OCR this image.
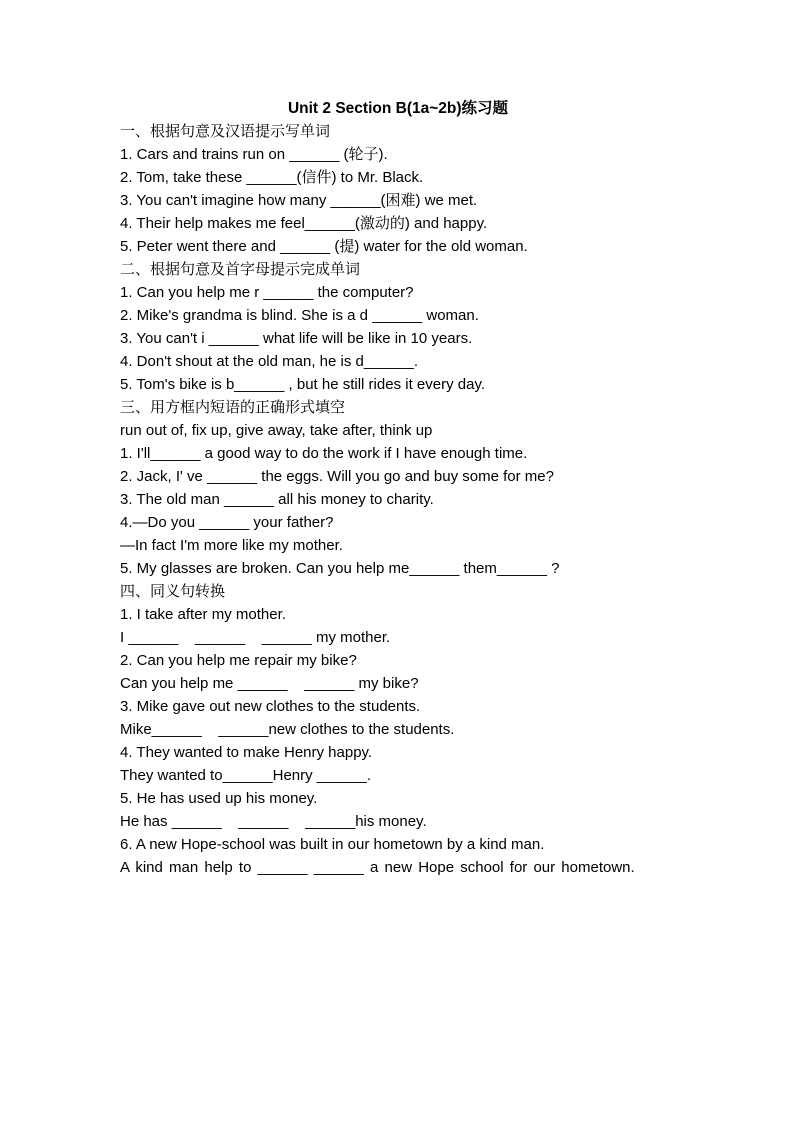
Unit 2 Section B(1a~2b)练习题
一、根据句意及汉语提示写单词
1. Cars and trains run on ______ (轮子).
2. Tom, take these ______(信件) to Mr. Black.
3. You can't imagine how many ______(困难) we met.
4. Their help makes me feel______(激动的) and happy.
5. Peter went there and ______ (提) water for the old woman.
二、根据句意及首字母提示完成单词
1. Can you help me r ______ the computer?
2. Mike's grandma is blind. She is a d ______ woman.
3. You can't i ______ what life will be like in 10 years.
4. Don't shout at the old man, he is d______.
5. Tom's bike is b______ , but he still rides it every day.
三、用方框内短语的正确形式填空
run out of, fix up, give away, take after, think up
1. I'll______ a good way to do the work if I have enough time.
2. Jack, I' ve ______ the eggs. Will you go and buy some for me?
3. The old man ______ all his money to charity.
4.—Do you ______ your father?
—In fact I'm more like my mother.
5. My glasses are broken. Can you help me______ them______ ?
四、同义句转换
1. I take after my mother.
I ______    ______    ______ my mother.
2. Can you help me repair my bike?
Can you help me ______    ______ my bike?
3. Mike gave out new clothes to the students.
Mike______    ______new clothes to the students.
4. They wanted to make Henry happy.
They wanted to______Henry ______.
5. He has used up his money.
He has ______    ______    ______his money.
6. A new Hope-school was built in our hometown by a kind man.
A kind man help to ______ ______ a new Hope school for our hometown.
